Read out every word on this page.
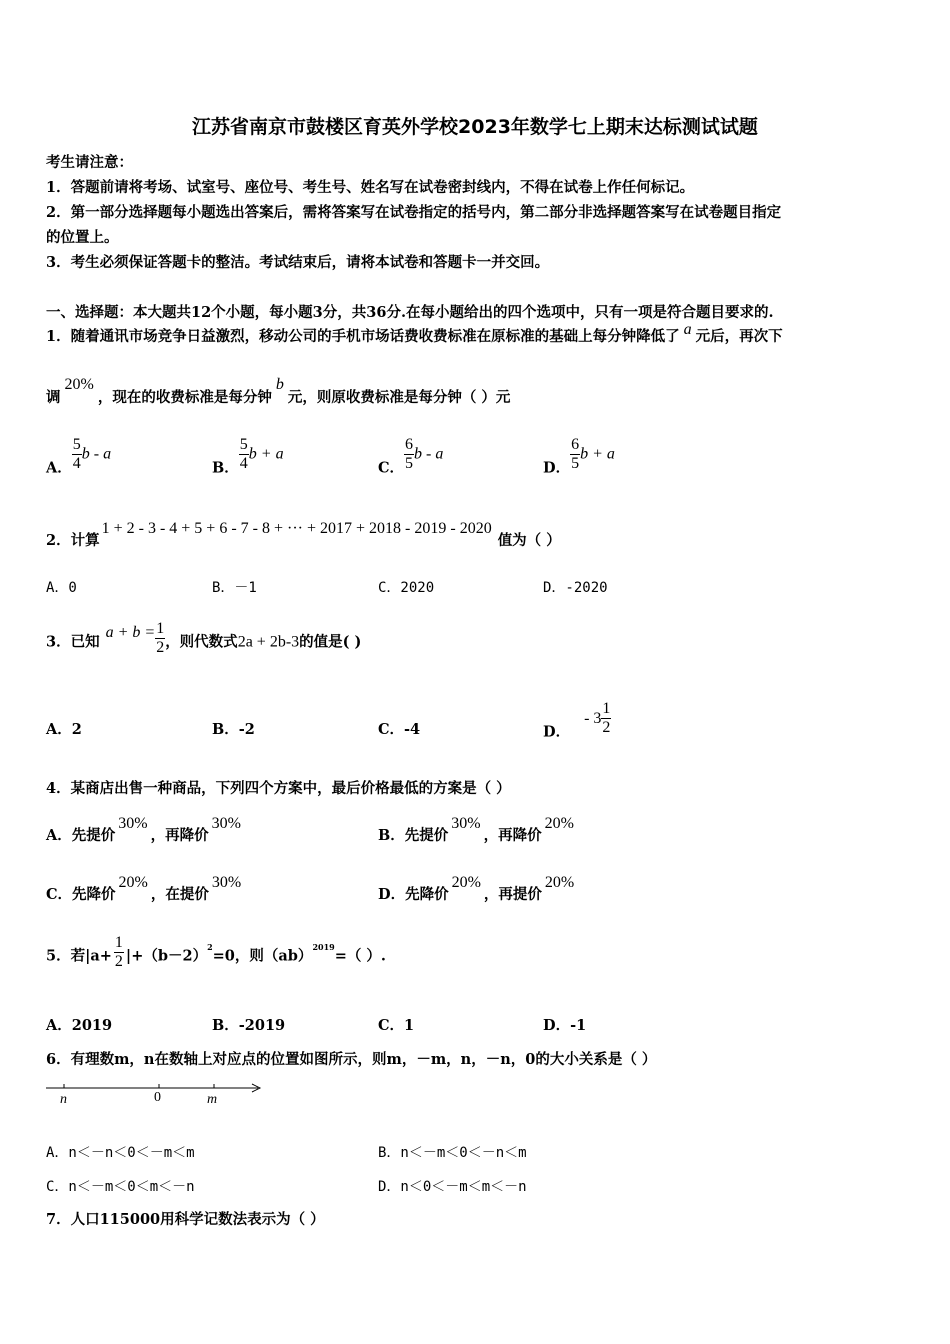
江苏省南京市鼓楼区育英外学校2023年数学七上期末达标测试试题
考生请注意：
1．答题前请将考场、试室号、座位号、考生号、姓名写在试卷密封线内，不得在试卷上作任何标记。
2．第一部分选择题每小题选出答案后，需将答案写在试卷指定的括号内，第二部分非选择题答案写在试卷题目指定
的位置上。
3．考生必须保证答题卡的整洁。考试结束后，请将本试卷和答题卡一并交回。
一、选择题：本大题共12个小题，每小题3分，共36分.在每小题给出的四个选项中，只有一项是符合题目要求的.
1．随着通讯市场竞争日益激烈，移动公司的手机市场话费收费标准在原标准的基础上每分钟降低了 a 元后，再次下
调20%，现在的收费标准是每分钟b元，则原收费标准是每分钟（ ）元
A． $\frac{5}{4}$ b - a
B． $\frac{5}{4}$ b + a
C． $\frac{6}{5}$ b - a
D． $\frac{6}{5}$ b + a
2．计算1 + 2 - 3 - 4 + 5 + 6 - 7 - 8 + ··· + 2017 + 2018 - 2019 - 2020值为（ ）
A．0	B．－1	C．2020	D．-2020
3．已知$a + b = \frac{1}{2}$ ，则代数式2a + 2b-3的值是( )
A．2	B．-2	C．-4	D．- $3 \frac{1}{2}$
4．某商店出售一种商品，下列四个方案中，最后价格最低的方案是（ ）
A．先提价30%，再降价30%
B．先提价30%，再降价20%
C．先降价20%，在提价30%
D．先降价20%，再提价20%
5．若$|a+ \frac{1}{2} |+(b-2)^2=0$，则（ab）$^{2019}$=（ ）.
A．2019	B．-2019	C．1	D．-1
6．有理数m，n在数轴上对应点的位置如图所示，则m，－m，n，－n，0的大小关系是（ ）
n	0	m
A．n＜－n＜0＜－m＜m	B．n＜－m＜0＜－n＜m
C．n＜－m＜0＜m＜－n	D．n＜0＜－m＜m＜－n
7．人口115000用科学记数法表示为（ ）
